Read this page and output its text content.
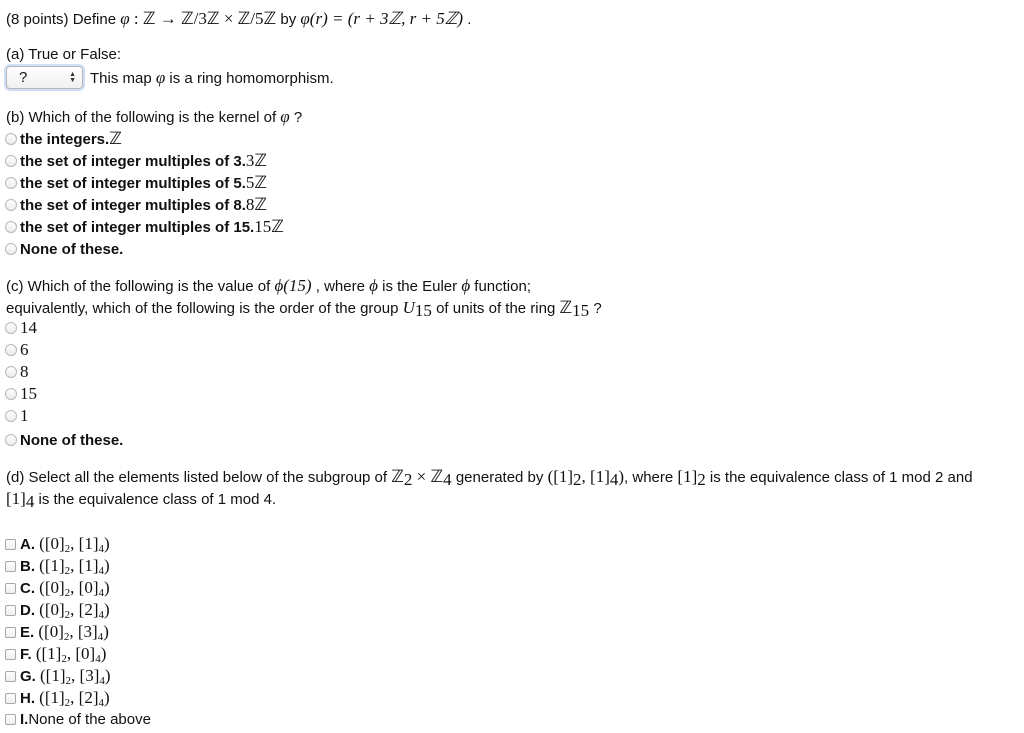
(8 points) Define φ : ℤ → ℤ/3ℤ × ℤ/5ℤ by φ(r) = (r + 3ℤ, r + 5ℤ) .
(a) True or False:
?	▲
▼ This map φ is a ring homomorphism.
(b) Which of the following is the kernel of φ ?
the integers. ℤ
the set of integer multiples of 3. 3ℤ
the set of integer multiples of 5. 5ℤ
the set of integer multiples of 8. 8ℤ
the set of integer multiples of 15. 15ℤ
None of these.
(c) Which of the following is the value of ϕ(15) , where ϕ is the Euler ϕ function;
equivalently, which of the following is the order of the group $U_{15}$ of units of the ring ℤ$_{15}$ ?
14
6
8
15
1
None of these.
(d) Select all the elements listed below of the subgroup of ℤ$_2$ × ℤ$_4$ generated by ($[1]_2$, $[1]_4$), where $[1]_2$ is the equivalence class of 1 mod 2 and
$[1]_4$ is the equivalence class of 1 mod 4.
A.
($[0]_2$, $[1]_4$)
B.
($[1]_2$, $[1]_4$)
C.
($[0]_2$, $[0]_4$)
D.
($[0]_2$, $[2]_4$)
E.
($[0]_2$, $[3]_4$)
F.
($[1]_2$, $[0]_4$)
G.
($[1]_2$, $[3]_4$)
H.
($[1]_2$, $[2]_4$)
I. None of the above
